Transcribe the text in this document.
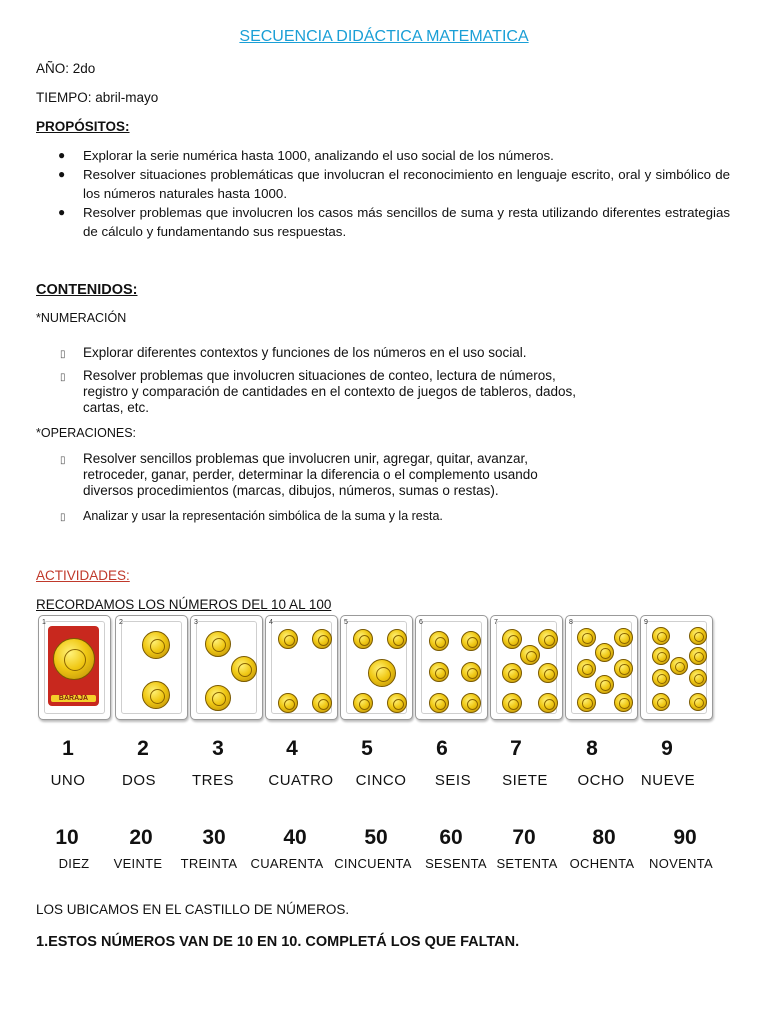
SECUENCIA DIDÁCTICA MATEMATICA
AÑO: 2do
TIEMPO: abril-mayo
PROPÓSITOS:
● Explorar la serie numérica hasta 1000, analizando el uso social de los números.
● Resolver situaciones problemáticas que involucran el reconocimiento en lenguaje escrito, oral y simbólico de los números naturales hasta 1000.
● Resolver problemas que involucren los casos más sencillos de suma y resta utilizando diferentes estrategias de cálculo y fundamentando sus respuestas.
CONTENIDOS:
*NUMERACIÓN
▯ Explorar diferentes contextos y funciones de los números en el uso social.
▯ Resolver problemas que involucren situaciones de conteo, lectura de números, registro y comparación de cantidades en el contexto de juegos de tableros, dados, cartas, etc.
*OPERACIONES:
▯ Resolver sencillos problemas que involucren unir, agregar, quitar, avanzar, retroceder, ganar, perder, determinar la diferencia o el complemento usando diversos procedimientos (marcas, dibujos, números, sumas o restas).
▯ Analizar y usar la representación simbólica de la suma y la resta.
ACTIVIDADES:
RECORDAMOS LOS NÚMEROS DEL 10 AL 100
1
BARAJA
2	3	4	5	6	7	8	9
1	2	3	4	5	6	7	8	9
UNO DOS TRES CUATRO CINCO SEIS SIETE OCHO NUEVE
10 20 30	40	50 60 70	80	90
DIEZ VEINTE TREINTA CUARENTA CINCUENTA SESENTA SETENTA OCHENTA NOVENTA
LOS UBICAMOS EN EL CASTILLO DE NÚMEROS.
1.ESTOS NÚMEROS VAN DE 10 EN 10. COMPLETÁ LOS QUE FALTAN.
